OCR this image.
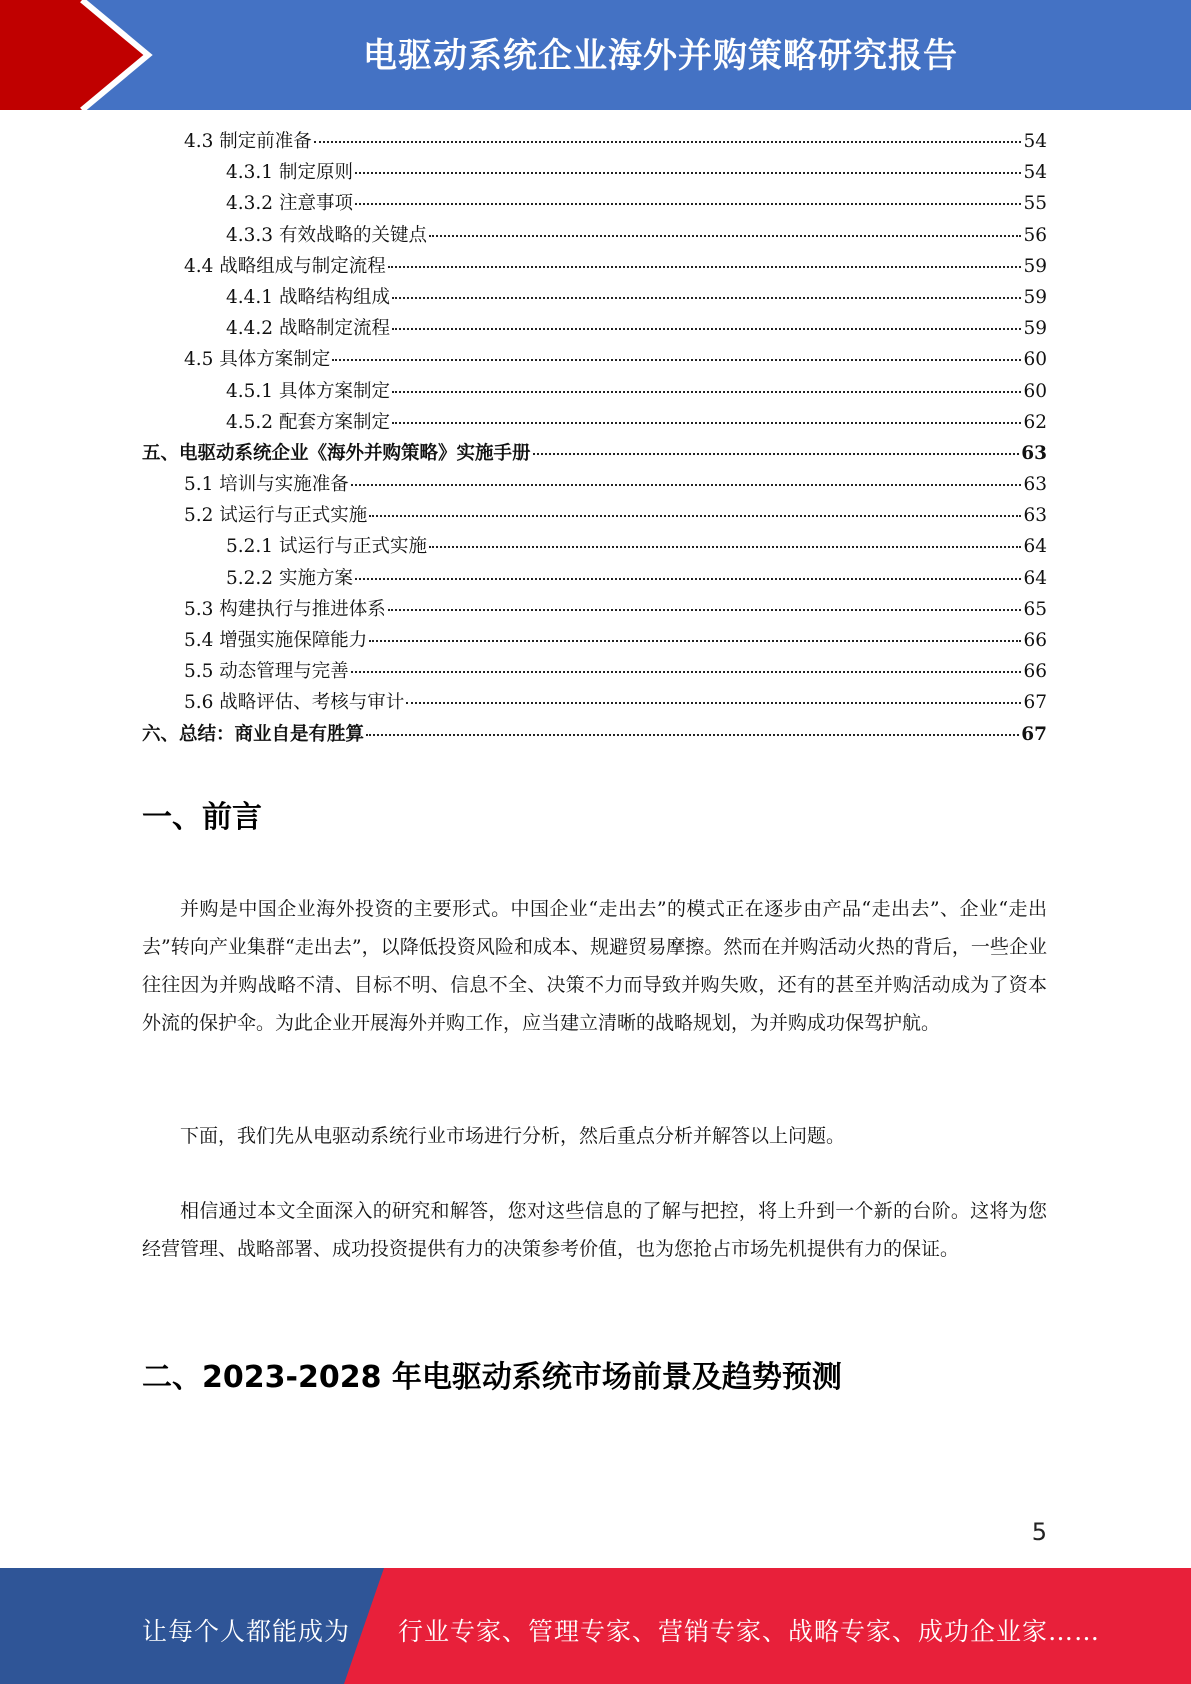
电驱动系统企业海外并购策略研究报告
4.3 制定前准备	54
4.3.1 制定原则	54
4.3.2 注意事项	55
4.3.3 有效战略的关键点	56
4.4 战略组成与制定流程	59
4.4.1 战略结构组成	59
4.4.2 战略制定流程	59
4.5 具体方案制定	60
4.5.1 具体方案制定	60
4.5.2 配套方案制定	62
五、电驱动系统企业《海外并购策略》实施手册	63
5.1 培训与实施准备	63
5.2 试运行与正式实施	63
5.2.1 试运行与正式实施	64
5.2.2 实施方案	64
5.3 构建执行与推进体系	65
5.4 增强实施保障能力	66
5.5 动态管理与完善	66
5.6 战略评估、考核与审计	67
六、总结：商业自是有胜算	67
一、前言

并购是中国企业海外投资的主要形式。中国企业“走出去”的模式正在逐步由产品“走出去”、企业“走出去”转向产业集群“走出去”，以降低投资风险和成本、规避贸易摩擦。然而在并购活动火热的背后，一些企业往往因为并购战略不清、目标不明、信息不全、决策不力而导致并购失败，还有的甚至并购活动成为了资本外流的保护伞。为此企业开展海外并购工作，应当建立清晰的战略规划，为并购成功保驾护航。

下面，我们先从电驱动系统行业市场进行分析，然后重点分析并解答以上问题。

相信通过本文全面深入的研究和解答，您对这些信息的了解与把控，将上升到一个新的台阶。这将为您经营管理、战略部署、成功投资提供有力的决策参考价值，也为您抢占市场先机提供有力的保证。

二、2023-2028 年电驱动系统市场前景及趋势预测
5
让每个人都能成为 行业专家、管理专家、营销专家、战略专家、成功企业家……
